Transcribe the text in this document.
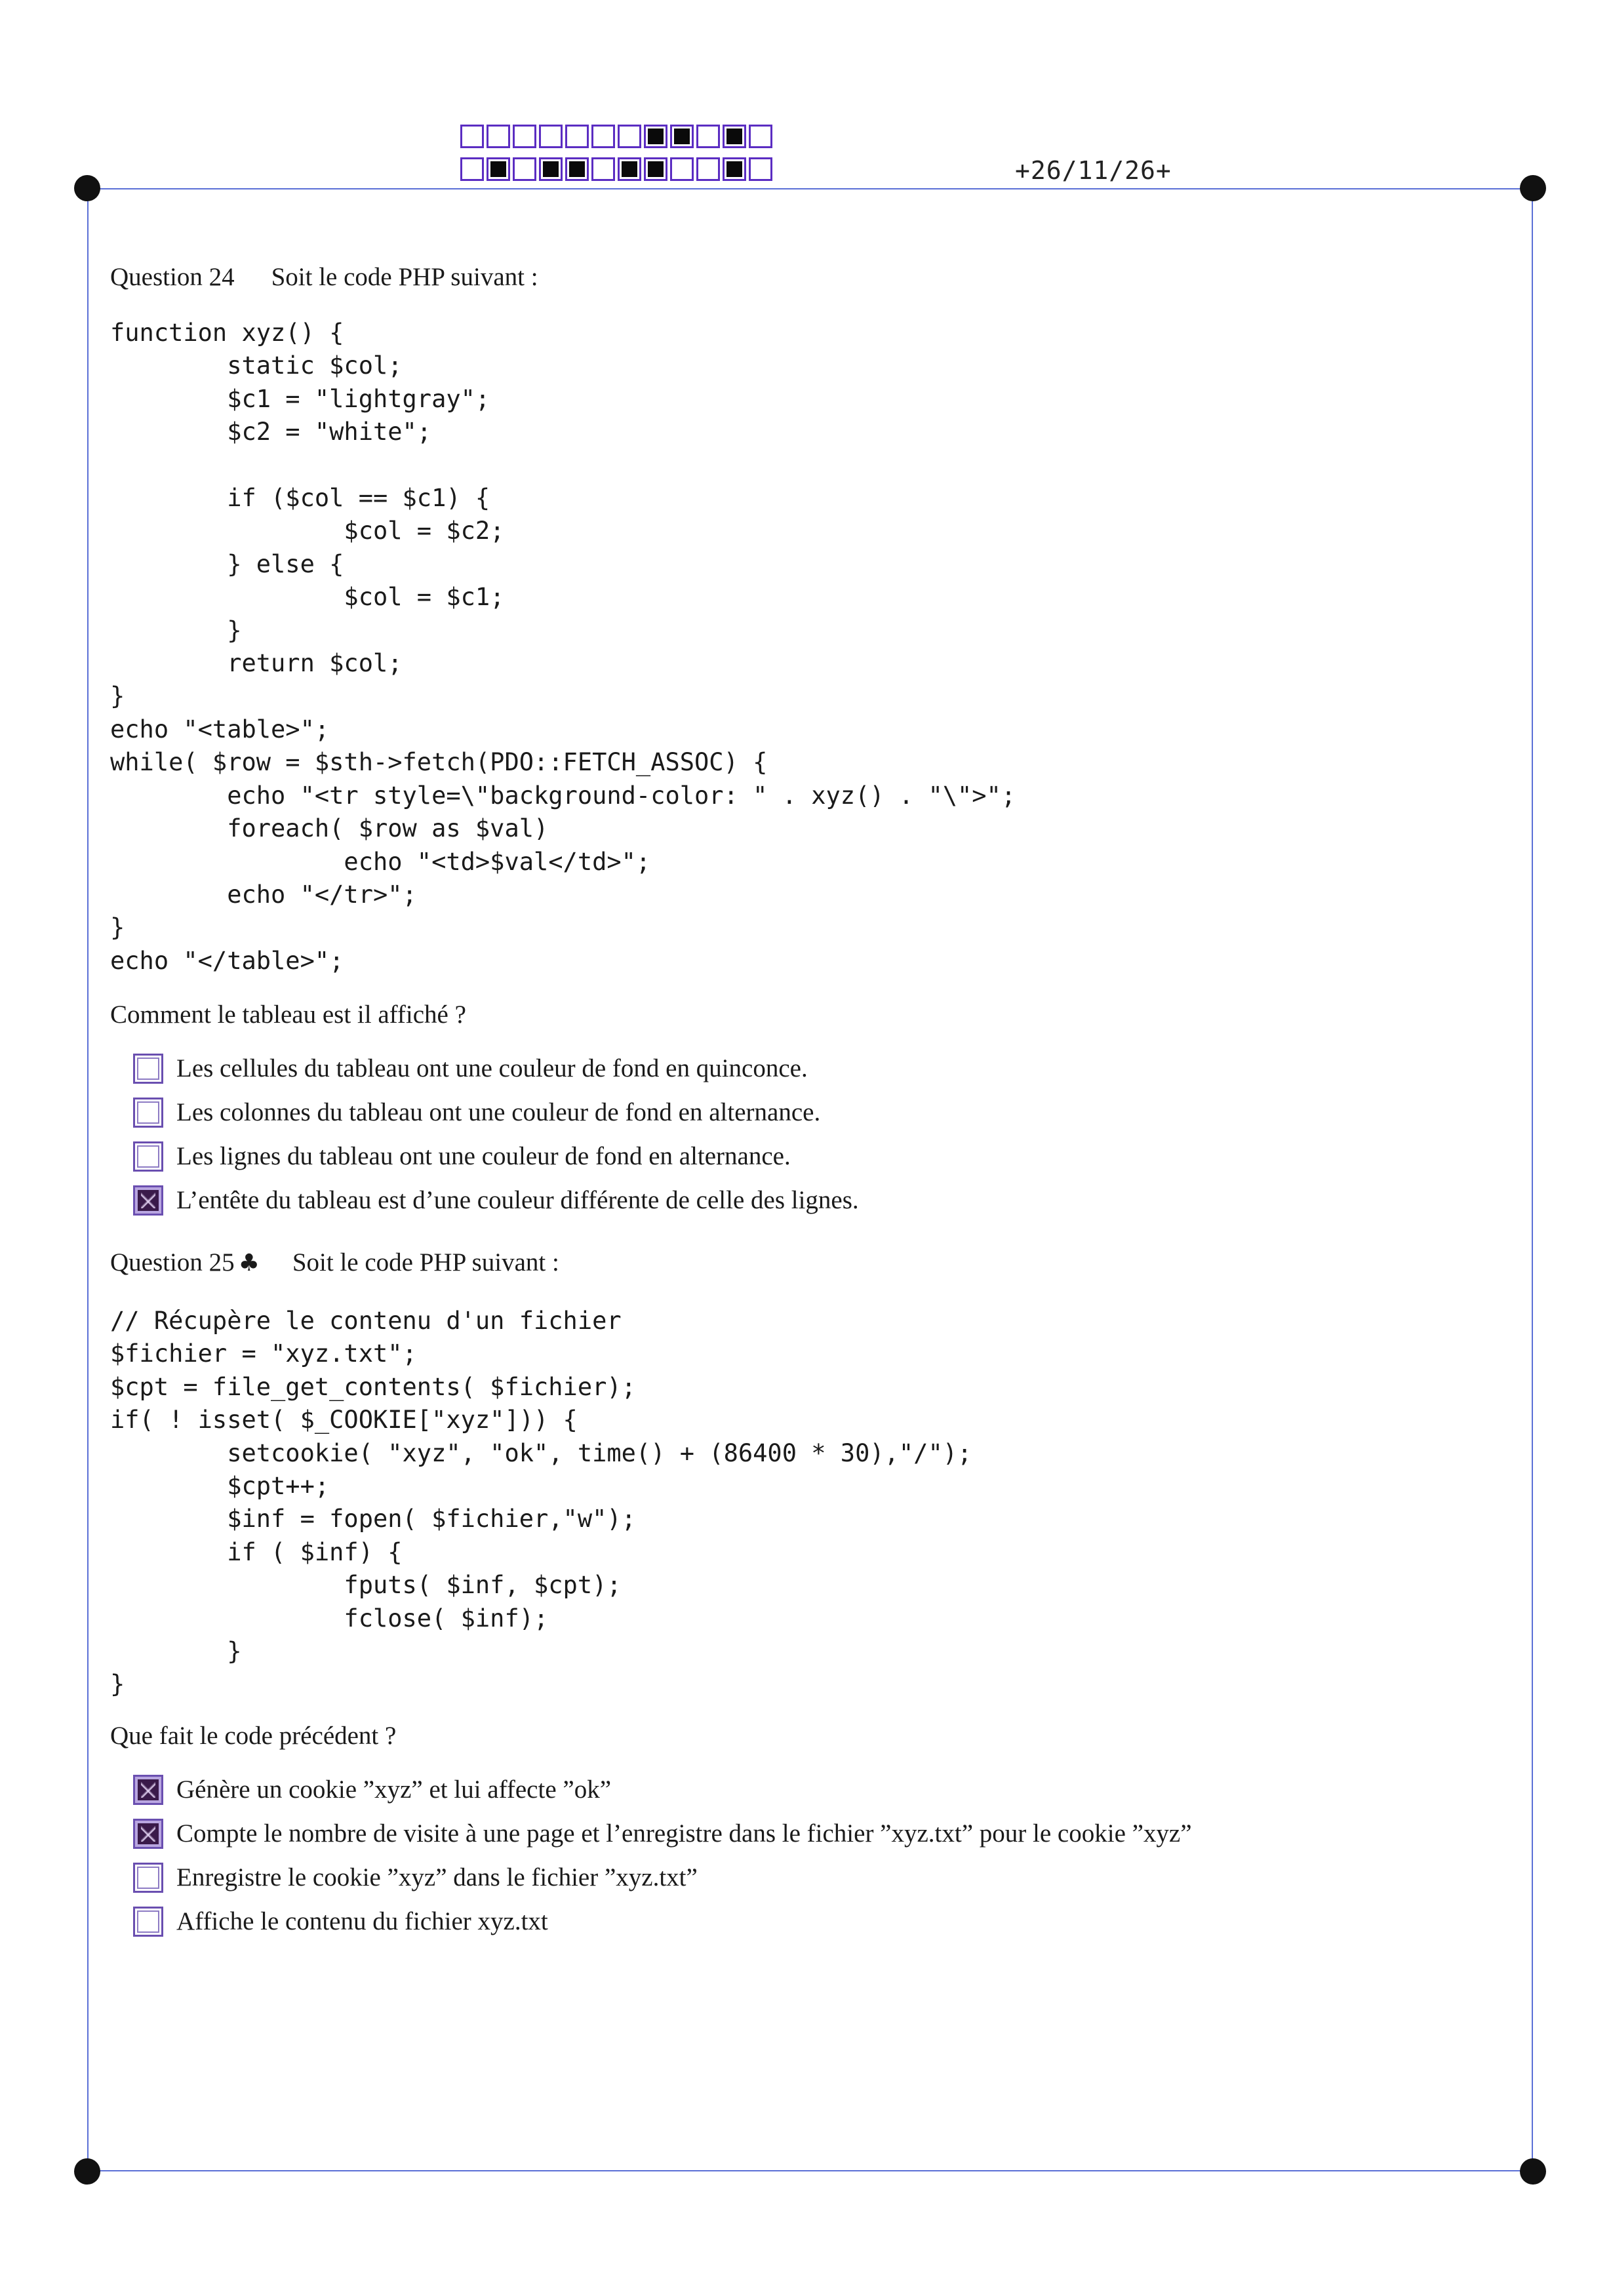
+26/11/26+
Question 24 Soit le code PHP suivant :
function xyz() {
static $col;
$c1 = "lightgray";
$c2 = "white";

if ($col == $c1) {
$col = $c2;
} else {
$col = $c1;
}
return $col;
}
echo "<table>";
while( $row = $sth->fetch(PDO::FETCH_ASSOC) {
echo "<tr style=\"background-color: " . xyz() . "\">";
foreach( $row as $val)
echo "<td>$val</td>";
echo "</tr>";
}
echo "</table>";
Comment le tableau est il affiché ?
Les cellules du tableau ont une couleur de fond en quinconce.
Les colonnes du tableau ont une couleur de fond en alternance.
Les lignes du tableau ont une couleur de fond en alternance.
L’entête du tableau est d’une couleur différente de celle des lignes.
Question 25 ♣ Soit le code PHP suivant :
// Récupère le contenu d'un fichier
$fichier = "xyz.txt";
$cpt = file_get_contents( $fichier);
if( ! isset( $_COOKIE["xyz"])) {
setcookie( "xyz", "ok", time() + (86400 * 30),"/");
$cpt++;
$inf = fopen( $fichier,"w");
if ( $inf) {
fputs( $inf, $cpt);
fclose( $inf);
}
}
Que fait le code précédent ?
Génère un cookie ”xyz” et lui affecte ”ok”
Compte le nombre de visite à une page et l’enregistre dans le fichier ”xyz.txt” pour le cookie ”xyz”
Enregistre le cookie ”xyz” dans le fichier ”xyz.txt”
Affiche le contenu du fichier xyz.txt
